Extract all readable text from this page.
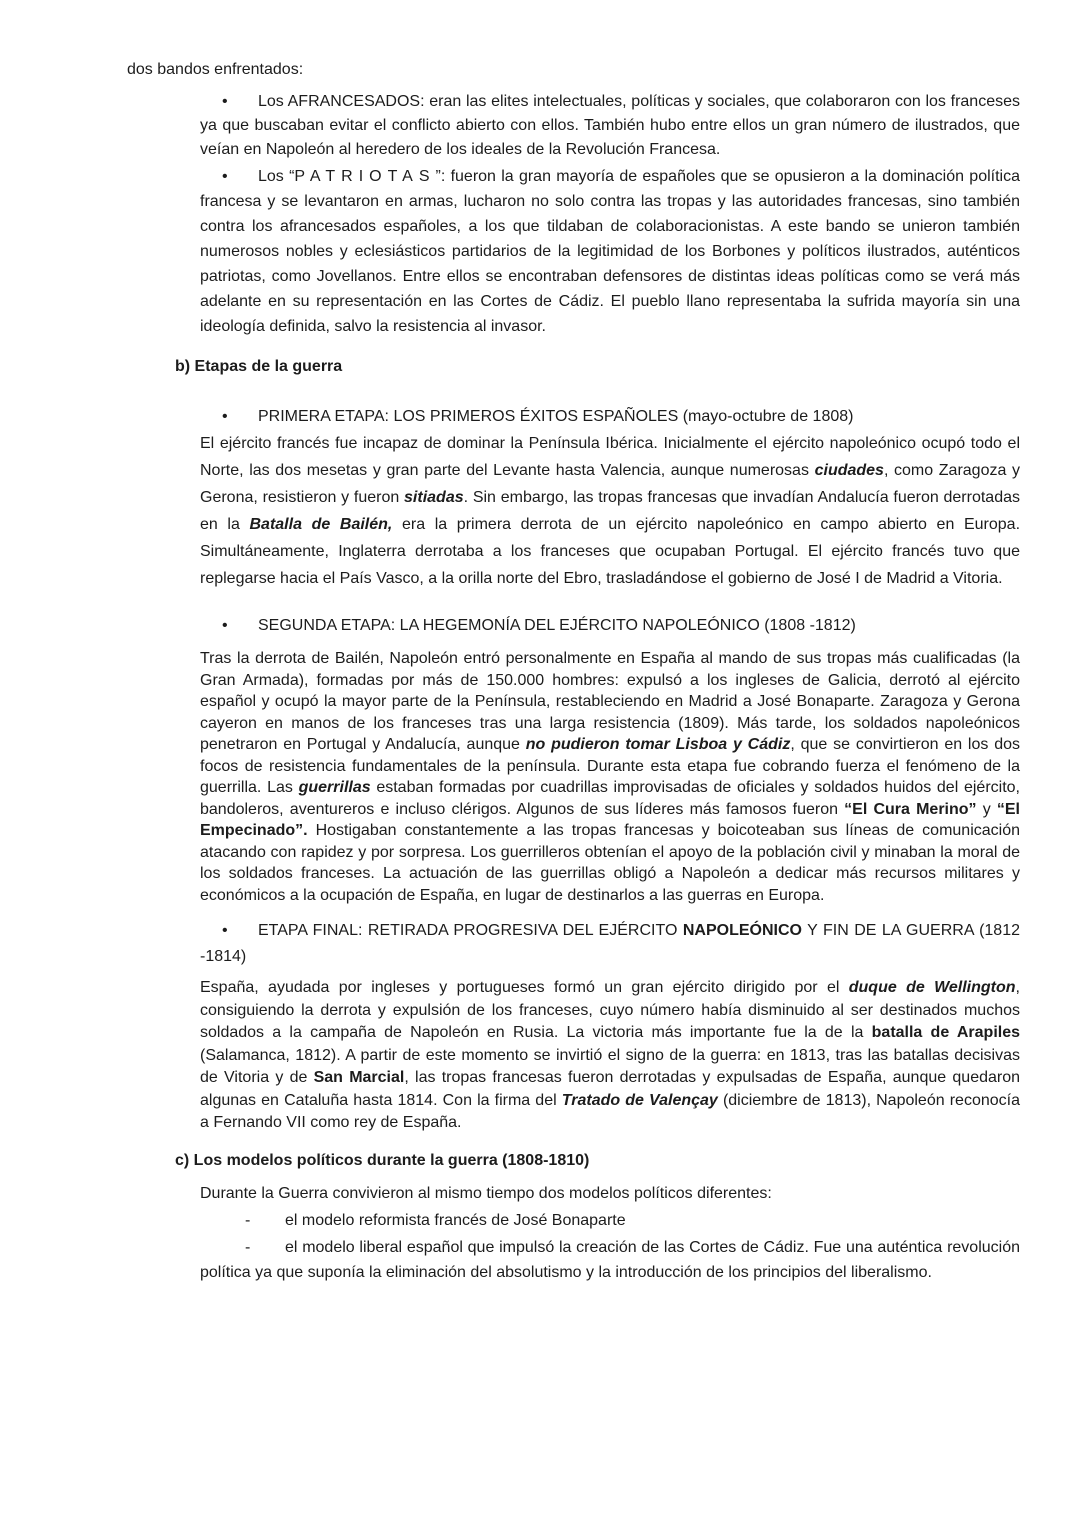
dos bandos enfrentados:

• Los AFRANCESADOS: eran las elites intelectuales, políticas y sociales, que colaboraron con los franceses ya que buscaban evitar el conflicto abierto con ellos. También hubo entre ellos un gran número de ilustrados, que veían en Napoleón al heredero de los ideales de la Revolución Francesa.

• Los “PATRIOTAS”: fueron la gran mayoría de españoles que se opusieron a la dominación política francesa y se levantaron en armas, lucharon no solo contra las tropas y las autoridades francesas, sino también contra los afrancesados españoles, a los que tildaban de colaboracionistas. A este bando se unieron también numerosos nobles y eclesiásticos partidarios de la legitimidad de los Borbones y políticos ilustrados, auténticos patriotas, como Jovellanos. Entre ellos se encontraban defensores de distintas ideas políticas como se verá más adelante en su representación en las Cortes de Cádiz. El pueblo llano representaba la sufrida mayoría sin una ideología definida, salvo la resistencia al invasor.

b) Etapas de la guerra

• PRIMERA ETAPA: LOS PRIMEROS ÉXITOS ESPAÑOLES (mayo-octubre de 1808)

El ejército francés fue incapaz de dominar la Península Ibérica. Inicialmente el ejército napoleónico ocupó todo el Norte, las dos mesetas y gran parte del Levante hasta Valencia, aunque numerosas ciudades, como Zaragoza y Gerona, resistieron y fueron sitiadas. Sin embargo, las tropas francesas que invadían Andalucía fueron derrotadas en la Batalla de Bailén, era la primera derrota de un ejército napoleónico en campo abierto en Europa. Simultáneamente, Inglaterra derrotaba a los franceses que ocupaban Portugal. El ejército francés tuvo que replegarse hacia el País Vasco, a la orilla norte del Ebro, trasladándose el gobierno de José I de Madrid a Vitoria.

• SEGUNDA ETAPA: LA HEGEMONÍA DEL EJÉRCITO NAPOLEÓNICO (1808 -1812)

Tras la derrota de Bailén, Napoleón entró personalmente en España al mando de sus tropas más cualificadas (la Gran Armada), formadas por más de 150.000 hombres: expulsó a los ingleses de Galicia, derrotó al ejército español y ocupó la mayor parte de la Península, restableciendo en Madrid a José Bonaparte. Zaragoza y Gerona cayeron en manos de los franceses tras una larga resistencia (1809). Más tarde, los soldados napoleónicos penetraron en Portugal y Andalucía, aunque no pudieron tomar Lisboa y Cádiz, que se convirtieron en los dos focos de resistencia fundamentales de la península. Durante esta etapa fue cobrando fuerza el fenómeno de la guerrilla. Las guerrillas estaban formadas por cuadrillas improvisadas de oficiales y soldados huidos del ejército, bandoleros, aventureros e incluso clérigos. Algunos de sus líderes más famosos fueron “El Cura Merino” y “El Empecinado”. Hostigaban constantemente a las tropas francesas y boicoteaban sus líneas de comunicación atacando con rapidez y por sorpresa. Los guerrilleros obtenían el apoyo de la población civil y minaban la moral de los soldados franceses. La actuación de las guerrillas obligó a Napoleón a dedicar más recursos militares y económicos a la ocupación de España, en lugar de destinarlos a las guerras en Europa.

• ETAPA FINAL: RETIRADA PROGRESIVA DEL EJÉRCITO NAPOLEÓNICO Y FIN DE LA GUERRA (1812 -1814)

España, ayudada por ingleses y portugueses formó un gran ejército dirigido por el duque de Wellington, consiguiendo la derrota y expulsión de los franceses, cuyo número había disminuido al ser destinados muchos soldados a la campaña de Napoleón en Rusia. La victoria más importante fue la de la batalla de Arapiles (Salamanca, 1812). A partir de este momento se invirtió el signo de la guerra: en 1813, tras las batallas decisivas de Vitoria y de San Marcial, las tropas francesas fueron derrotadas y expulsadas de España, aunque quedaron algunas en Cataluña hasta 1814. Con la firma del Tratado de Valençay (diciembre de 1813), Napoleón reconocía a Fernando VII como rey de España.

c) Los modelos políticos durante la guerra (1808-1810)

Durante la Guerra convivieron al mismo tiempo dos modelos políticos diferentes:

- el modelo reformista francés de José Bonaparte

- el modelo liberal español que impulsó la creación de las Cortes de Cádiz. Fue una auténtica revolución política ya que suponía la eliminación del absolutismo y la introducción de los principios del liberalismo.
